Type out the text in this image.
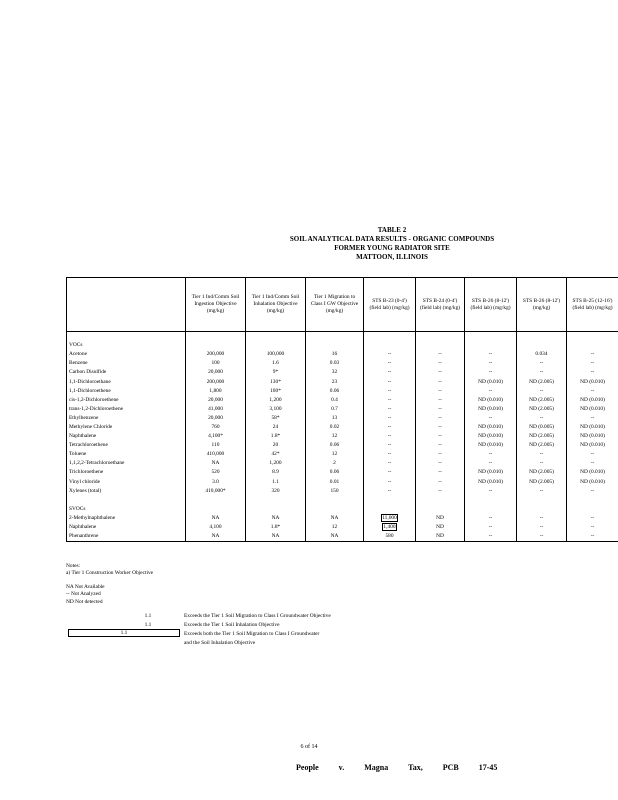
TABLE 2
SOIL ANALYTICAL DATA RESULTS - ORGANIC COMPOUNDS
FORMER YOUNG RADIATOR SITE
MATTOON, ILLINOIS
	Tier 1 Ind/Comm Soil Ingestion Objective (mg/kg)	Tier 1 Ind/Comm Soil Inhalation Objective (mg/kg)	Tier 1 Migration to Class I GW Objective (mg/kg)	STS B-23 (0-4') (field lab) (mg/kg)	STS B-24 (0-4') (field lab) (mg/kg)	STS B-26 (8-12') (field lab) (mg/kg)	STS B-26 (8-12') (mg/kg)	STS B-25 (12-16') (field lab) (mg/kg)

VOCs								
Acetone	200,000	100,000	16	--	--	--	0.034	--
Benzene	100	1.6	0.03	--	--	--	--	--
Carbon Disulfide	20,000	9*	32	--	--	--	--	--
1,1-Dichloroethane	200,000	130*	23	--	--	ND (0.010)	ND (2.005)	ND (0.010)
1,1-Dichloroethene	1,800	100*	0.06	--	--	--	--	--
cis-1,2-Dichloroethene	20,000	1,200	0.4	--	--	ND (0.010)	ND (2.005)	ND (0.010)
trans-1,2-Dichloroethene	41,000	3,100	0.7	--	--	ND (0.010)	ND (2.005)	ND (0.010)
Ethylbenzene	20,000	58*	13	--	--	--	--	--
Methylene Chloride	760	24	0.02	--	--	ND (0.010)	ND (0.005)	ND (0.010)
Naphthalene	4,100*	1.8*	12	--	--	ND (0.010)	ND (2.005)	ND (0.010)
Tetrachloroethene	110	20	0.06	--	--	ND (0.010)	ND (2.005)	ND (0.010)
Toluene	410,000	42*	12	--	--	--	--	--
1,1,2,2-Tetrachloroethane	NA	1,200	2	--	--	--	--	--
Trichloroethene	520	8.9	0.06	--	--	ND (0.010)	ND (2.005)	ND (0.010)
Vinyl chloride	3.0	1.1	0.01	--	--	ND (0.010)	ND (2.005)	ND (0.010)
Xylenes (total)	410,000*	320	150	--	--	--	--	--

SVOCs								
2-Methylnaphthalene	NA	NA	NA	11,000	ND	--	--	--
Naphthalene	4,100	1.8*	12	1,400	ND	--	--	--
Phenanthrene	NA	NA	NA	580	ND	--	--	--
Notes:
a) Tier 1 Construction Worker Objective
NA Not Available
-- Not Analyzed
ND Not detected
1.1	Exceeds the Tier 1 Soil Migration to Class I Groundwater Objective
1.1	Exceeds the Tier 1 Soil Inhalation Objective
1.1	Exceeds both the Tier 1 Soil Migration to Class I Groundwater
and the Soil Inhalation Objective
6 of 14
People	v.	Magna Tax,	PCB	17-45
